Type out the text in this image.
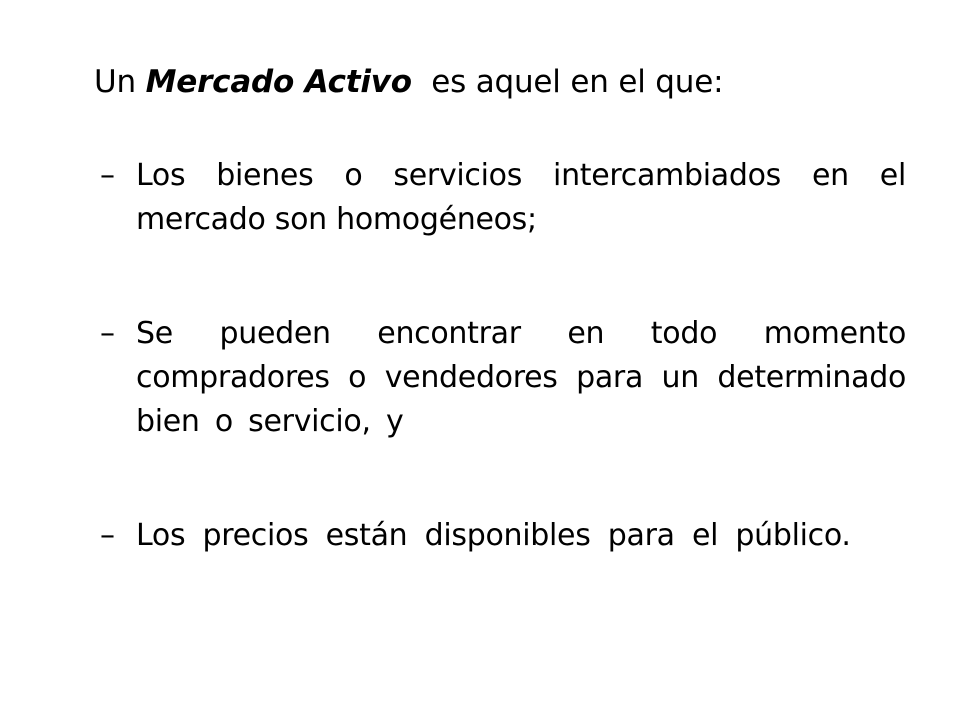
Un Mercado Activo  es aquel en el que:
– Los bienes o servicios intercambiados en el mercado son homogéneos;
– Se pueden encontrar en todo momento compradores o vendedores para un determinado bien o servicio, y
– Los precios están disponibles para el público.
